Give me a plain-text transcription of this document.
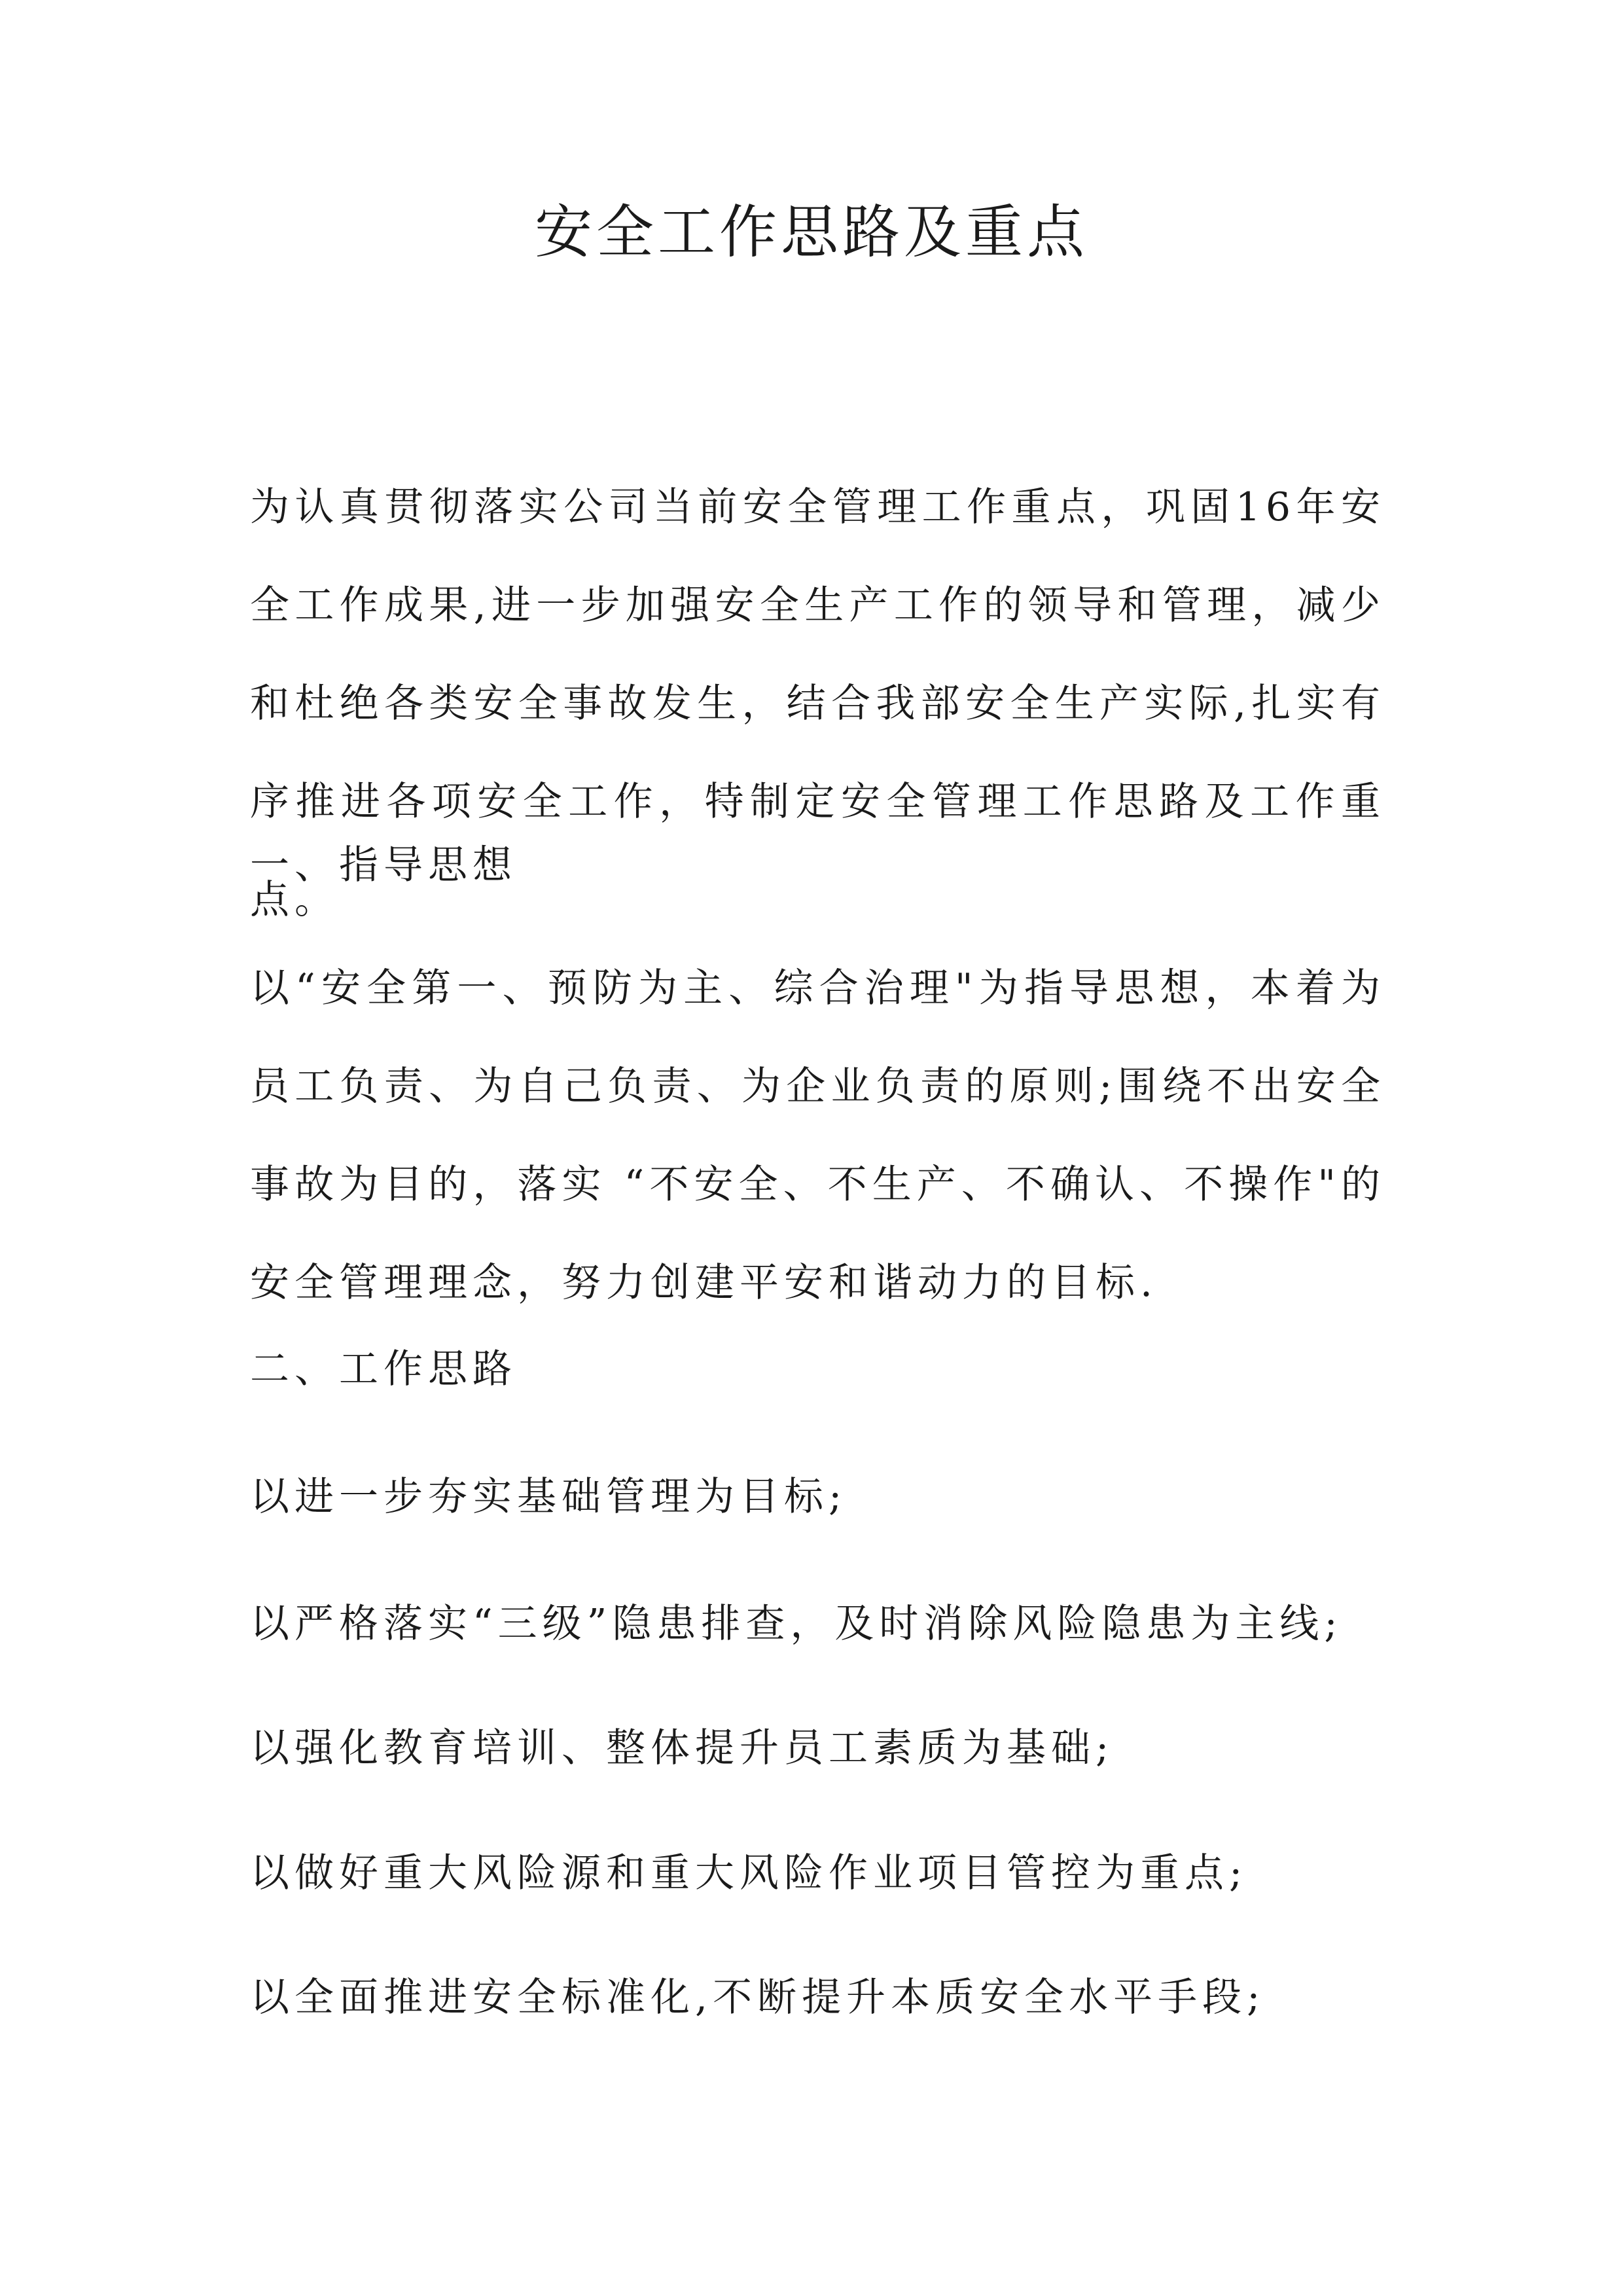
安全工作思路及重点

为认真贯彻落实公司当前安全管理工作重点，巩固16年安全工作成果,进一步加强安全生产工作的领导和管理，减少和杜绝各类安全事故发生，结合我部安全生产实际,扎实有序推进各项安全工作，特制定安全管理工作思路及工作重点。

一、指导思想

以“安全第一、预防为主、综合治理"为指导思想，本着为员工负责、为自己负责、为企业负责的原则;围绕不出安全事故为目的，落实 “不安全、不生产、不确认、不操作"的安全管理理念，努力创建平安和谐动力的目标.

二、工作思路

以进一步夯实基础管理为目标;

以严格落实“三级”隐患排查，及时消除风险隐患为主线;

以强化教育培训、整体提升员工素质为基础;

以做好重大风险源和重大风险作业项目管控为重点;

以全面推进安全标准化,不断提升本质安全水平手段;
